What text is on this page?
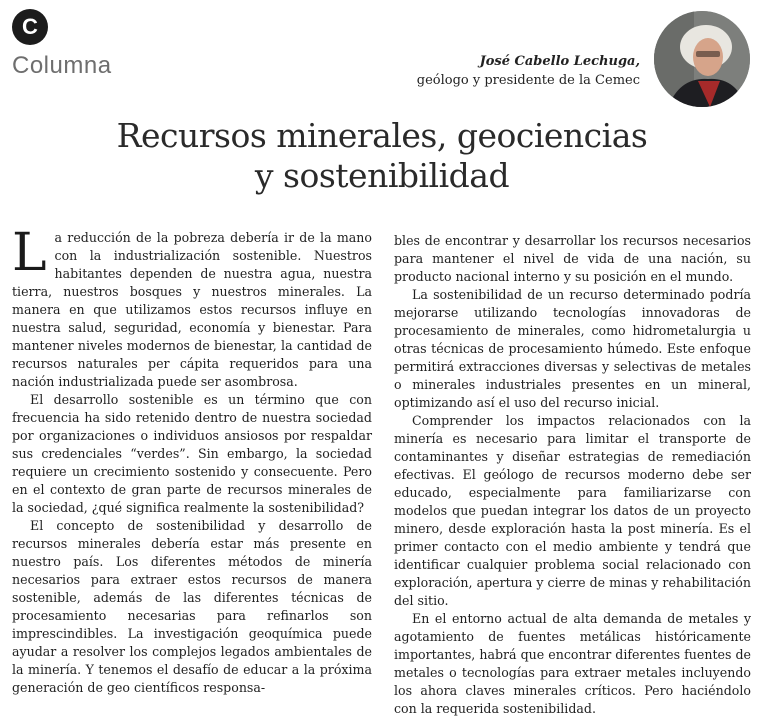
C
Columna	José Cabello Lechuga,
geólogo y presidente de la Cemec
Recursos minerales, geociencias
y sostenibilidad

La reducción de la pobreza debería ir de la mano con la industrialización sostenible. Nuestros habitantes dependen de nuestra agua, nuestra tierra, nuestros bosques y nuestros minerales. La manera en que utilizamos estos recursos influye en nuestra salud, seguridad, economía y bienestar. Para mantener niveles modernos de bienestar, la cantidad de recursos naturales per cápita requeridos para una nación industrializada puede ser asombrosa.

El desarrollo sostenible es un término que con frecuencia ha sido retenido dentro de nuestra sociedad por organizaciones o individuos ansiosos por respaldar sus credenciales “verdes”. Sin embargo, la sociedad requiere un crecimiento sostenido y consecuente. Pero en el contexto de gran parte de recursos minerales de la sociedad, ¿qué significa realmente la sostenibilidad?

El concepto de sostenibilidad y desarrollo de recursos minerales debería estar más presente en nuestro país. Los diferentes métodos de minería necesarios para extraer estos recursos de manera sostenible, además de las diferentes técnicas de procesamiento necesarias para refinarlos son imprescindibles. La investigación geoquímica puede ayudar a resolver los complejos legados ambientales de la minería. Y tenemos el desafío de educar a la próxima generación de geo científicos responsa-

bles de encontrar y desarrollar los recursos necesarios para mantener el nivel de vida de una nación, su producto nacional interno y su posición en el mundo.

La sostenibilidad de un recurso determinado podría mejorarse utilizando tecnologías innovadoras de procesamiento de minerales, como hidrometalurgia u otras técnicas de procesamiento húmedo. Este enfoque permitirá extracciones diversas y selectivas de metales o minerales industriales presentes en un mineral, optimizando así el uso del recurso inicial.

Comprender los impactos relacionados con la minería es necesario para limitar el transporte de contaminantes y diseñar estrategias de remediación efectivas. El geólogo de recursos moderno debe ser educado, especialmente para familiarizarse con modelos que puedan integrar los datos de un proyecto minero, desde exploración hasta la post minería. Es el primer contacto con el medio ambiente y tendrá que identificar cualquier problema social relacionado con exploración, apertura y cierre de minas y rehabilitación del sitio.

En el entorno actual de alta demanda de metales y agotamiento de fuentes metálicas históricamente importantes, habrá que encontrar diferentes fuentes de metales o tecnologías para extraer metales incluyendo los ahora claves minerales críticos. Pero haciéndolo con la requerida sostenibilidad.
